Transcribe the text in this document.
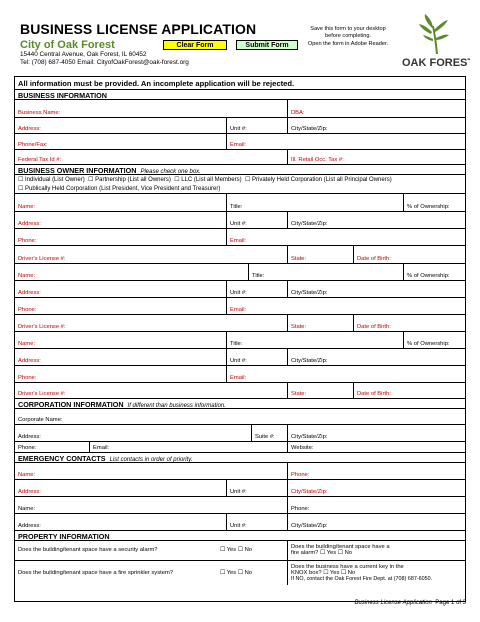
BUSINESS LICENSE APPLICATION
City of Oak Forest
15440 Central Avenue, Oak Forest, IL 60452
Tel: (708) 687-4050 Email: CityofOakForest@oak-forest.org
Clear Form	Submit Form
Save this form to your desktop
before completing.
Open the form in Adobe Reader.
OAK FOREST
All information must be provided. An incomplete application will be rejected.
BUSINESS INFORMATION
Business Name:	DBA:
Address:	Unit #:	City/State/Zip:
Phone/Fax:	Email:
Federal Tax Id #:	Ill. Retail Occ. Tax #:
BUSINESS OWNER INFORMATION Please check one box.
☐ Individual (List Owner) ☐ Partnership (List all Owners) ☐ LLC (List all Members) ☐ Privately Held Corporation (List all Principal Owners)
☐ Publically Held Corporation (List President, Vice President and Treasurer)
Name:	Title:	% of Ownership:
Address:	Unit #:	City/State/Zip:
Phone:	Email:
Driver's License #:	State:	Date of Birth:
Name:	Title:	% of Ownership:
Address:	Unit #:	City/State/Zip:
Phone:	Email:
Driver's License #:	State:	Date of Birth:
Name:	Title:	% of Ownership:
Address:	Unit #:	City/State/Zip:
Phone:	Email:
Driver's License #:	State:	Date of Birth:
CORPORATION INFORMATION If different than business information.
Corporate Name:
Address:	Suite #:	City/State/Zip:
Phone:	Email:	Website:
EMERGENCY CONTACTS List contacts in order of priority.
Name:	Phone:
Address:	Unit #:	City/State/Zip:
Name:	Phone:
Address:	Unit #:	City/State/Zip:
PROPERTY INFORMATION
Does the building/tenant space have a security alarm?	☐ Yes ☐ No	Does the building/tenant space have a
fire alarm? ☐ Yes ☐ No
Does the building/tenant space have a fire sprinkler system?	☐ Yes ☐ No
Does the business have a current key in the
KNOX box? ☐ Yes ☐ No
If NO, contact the Oak Forest Fire Dept. at (708) 687-6050.
Business License Application Page 1 of 3
